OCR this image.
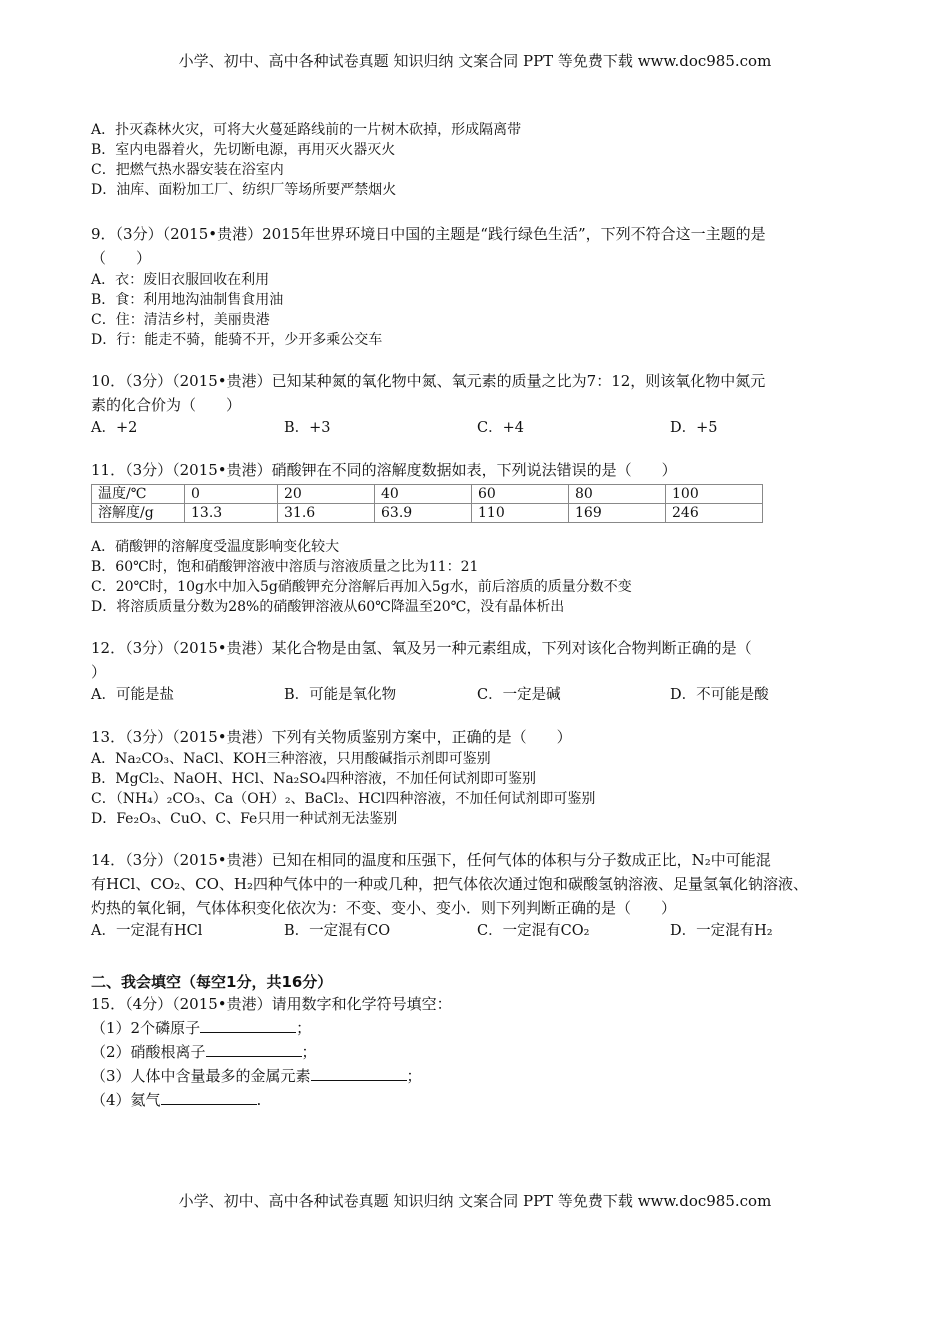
小学、初中、高中各种试卷真题 知识归纳 文案合同 PPT 等免费下载 www.doc985.com
A．扑灭森林火灾，可将大火蔓延路线前的一片树木砍掉，形成隔离带
B．室内电器着火，先切断电源，再用灭火器灭火
C．把燃气热水器安装在浴室内
D．油库、面粉加工厂、纺织厂等场所要严禁烟火
9．（3分）（2015•贵港）2015年世界环境日中国的主题是“践行绿色生活”，下列不符合这一主题的是
（　　）
A．衣：废旧衣服回收在利用
B．食：利用地沟油制售食用油
C．住：清洁乡村，美丽贵港
D．行：能走不骑，能骑不开，少开多乘公交车
10．（3分）（2015•贵港）已知某种氮的氧化物中氮、氧元素的质量之比为7：12，则该氧化物中氮元
素的化合价为（　　）
A．+2	B．+3	C．+4	D．+5
11．（3分）（2015•贵港）硝酸钾在不同的溶解度数据如表，下列说法错误的是（　　）
温度/℃	0	20	40	60	80	100
溶解度/g	13.3	31.6	63.9	110	169	246
A．硝酸钾的溶解度受温度影响变化较大
B．60℃时，饱和硝酸钾溶液中溶质与溶液质量之比为11：21
C．20℃时，10g水中加入5g硝酸钾充分溶解后再加入5g水，前后溶质的质量分数不变
D．将溶质质量分数为28%的硝酸钾溶液从60℃降温至20℃，没有晶体析出
12．（3分）（2015•贵港）某化合物是由氢、氧及另一种元素组成，下列对该化合物判断正确的是（
）
A．可能是盐	B．可能是氧化物	C．一定是碱	D．不可能是酸
13．（3分）（2015•贵港）下列有关物质鉴别方案中，正确的是（　　）
A．Na₂CO₃、NaCl、KOH三种溶液，只用酸碱指示剂即可鉴别
B．MgCl₂、NaOH、HCl、Na₂SO₄四种溶液，不加任何试剂即可鉴别
C．（NH₄）₂CO₃、Ca（OH）₂、BaCl₂、HCl四种溶液，不加任何试剂即可鉴别
D．Fe₂O₃、CuO、C、Fe只用一种试剂无法鉴别
14．（3分）（2015•贵港）已知在相同的温度和压强下，任何气体的体积与分子数成正比，N₂中可能混
有HCl、CO₂、CO、H₂四种气体中的一种或几种，把气体依次通过饱和碳酸氢钠溶液、足量氢氧化钠溶液、
灼热的氧化铜，气体体积变化依次为：不变、变小、变小．则下列判断正确的是（　　）
A．一定混有HCl	B．一定混有CO	C．一定混有CO₂	D．一定混有H₂
二、我会填空（每空1分，共16分）
15．（4分）（2015•贵港）请用数字和化学符号填空：
（1）2个磷原子	；
（2）硝酸根离子	；
（3）人体中含量最多的金属元素	；
（4）氦气	.
小学、初中、高中各种试卷真题 知识归纳 文案合同 PPT 等免费下载 www.doc985.com
